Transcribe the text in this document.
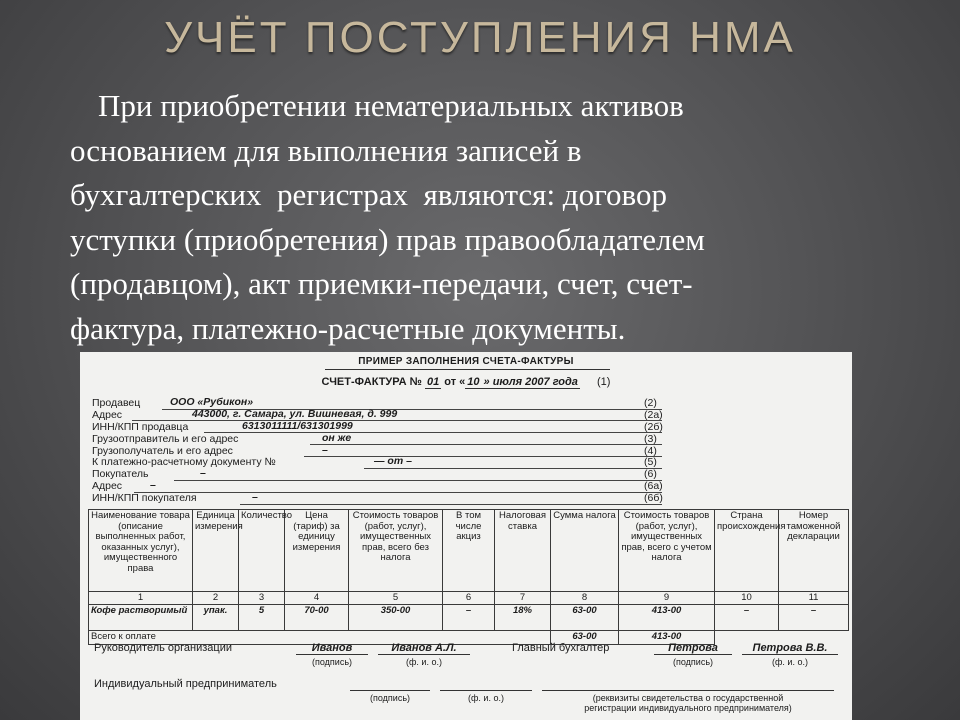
УЧЁТ ПОСТУПЛЕНИЯ НМА
При приобретении нематериальных активов
основанием для выполнения записей в
бухгалтерских  регистрах  являются: договор
уступки (приобретения) прав правообладателем
(продавцом), акт приемки-передачи, счет, счет-
фактура, платежно-расчетные документы.
ПРИМЕР ЗАПОЛНЕНИЯ СЧЕТА-ФАКТУРЫ
СЧЕТ-ФАКТУРА № 01 от « 10 » июля 2007 года (1)
Продавец	ООО «Рубикон»	(2)
Адрес	443000, г. Самара, ул. Вишневая, д. 999	(2а)
ИНН/КПП продавца	6313011111/631301999	(2б)
Грузоотправитель и его адрес	он же	(3)
Грузополучатель и его адрес	–	(4)
К платежно-расчетному документу №	— от –	(5)
Покупатель	–	(6)
Адрес	–	(6а)
ИНН/КПП покупателя	–	(6б)
Наименование товара (описание выполненных работ, оказанных услуг), имущественного права	Единица измерения	Количество	Цена (тариф) за единицу измерения	Стоимость товаров (работ, услуг), имущественных прав, всего без налога	В том числе акциз	Налоговая ставка	Сумма налога	Стоимость товаров (работ, услуг), имущественных прав, всего с учетом налога	Страна происхождения	Номер таможенной декларации
1	2	3	4	5	6	7	8	9	10	11
Кофе растворимый	упак.	5	70-00	350-00	–	18%	63-00	413-00	–	–
Всего к оплате							63-00	413-00		
Руководитель организации	Иванов	Иванов А.Л.
(подпись)	(ф. и. о.)
Главный бухгалтер	Петрова	Петрова В.В.
(подпись)	(ф. и. о.)
Индивидуальный предприниматель
(подпись)	(ф. и. о.)	(реквизиты свидетельства о государственной
регистрации индивидуального предпринимателя)
